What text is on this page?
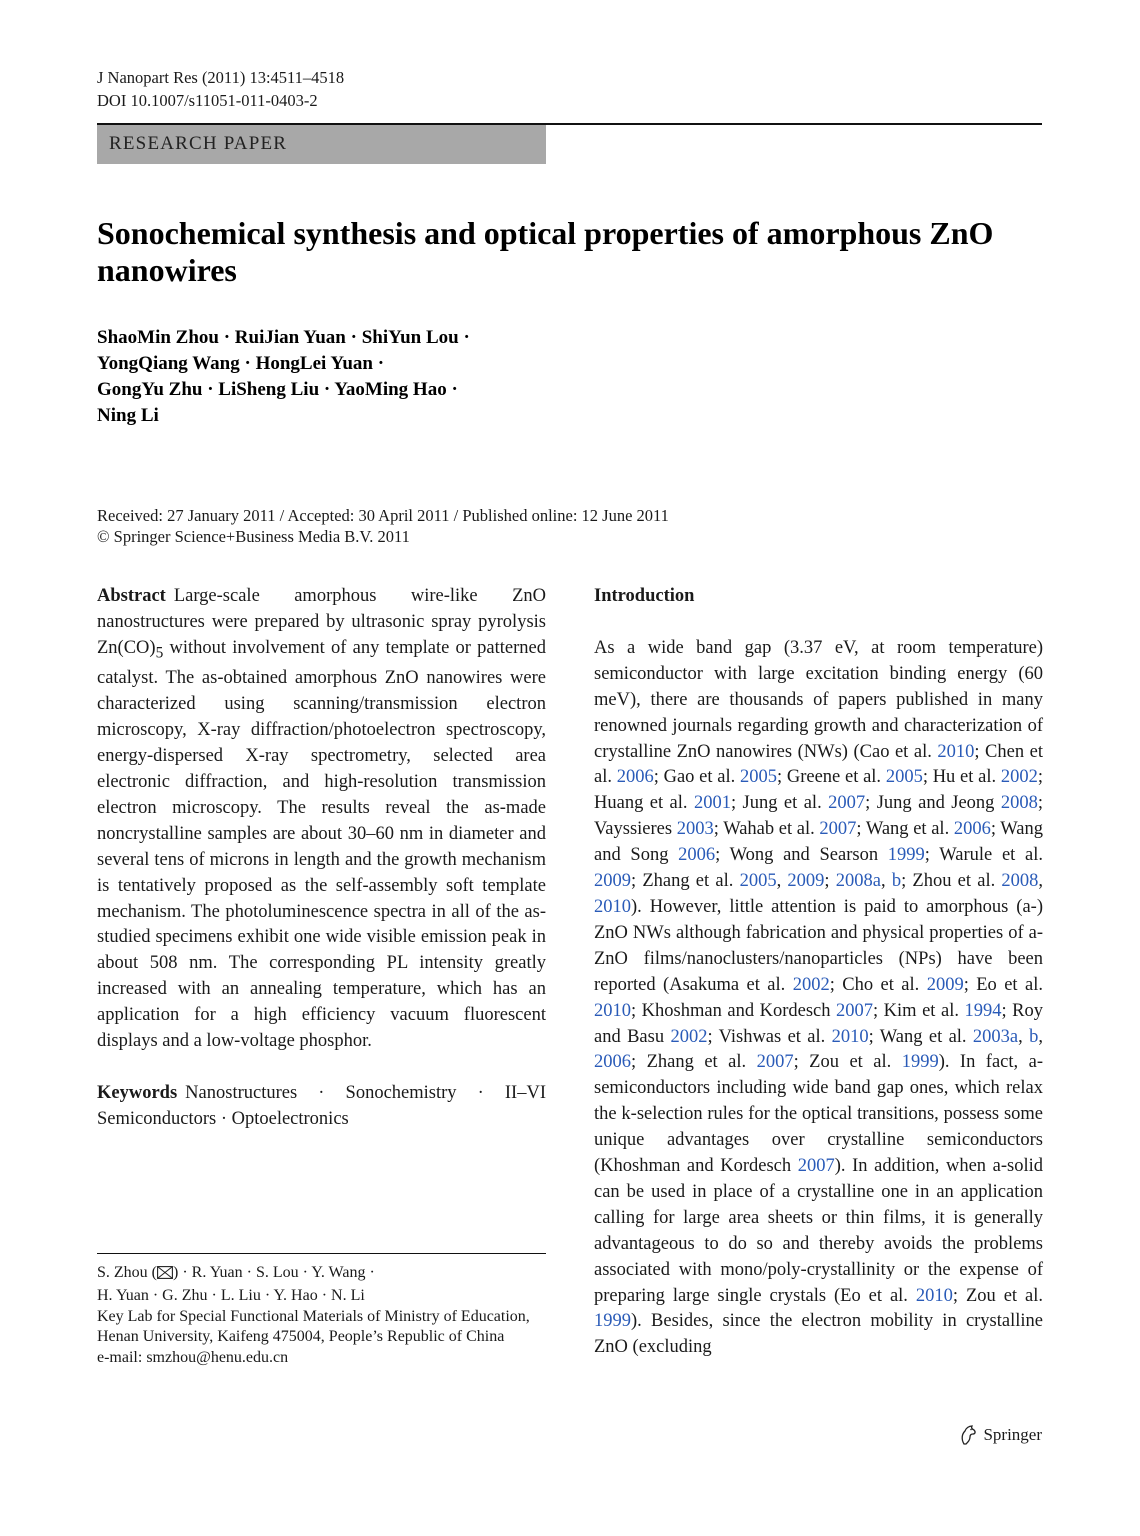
J Nanopart Res (2011) 13:4511–4518
DOI 10.1007/s11051-011-0403-2
RESEARCH PAPER
Sonochemical synthesis and optical properties of amorphous ZnO nanowires
ShaoMin Zhou · RuiJian Yuan · ShiYun Lou ·
YongQiang Wang · HongLei Yuan ·
GongYu Zhu · LiSheng Liu · YaoMing Hao ·
Ning Li
Received: 27 January 2011 / Accepted: 30 April 2011 / Published online: 12 June 2011
© Springer Science+Business Media B.V. 2011

Abstract Large-scale amorphous wire-like ZnO nanostructures were prepared by ultrasonic spray pyrolysis $Zn(CO)_5$ without involvement of any template or patterned catalyst. The as-obtained amorphous ZnO nanowires were characterized using scanning/transmission electron microscopy, X-ray diffraction/photoelectron spectroscopy, energy-dispersed X-ray spectrometry, selected area electronic diffraction, and high-resolution transmission electron microscopy. The results reveal the as-made noncrystalline samples are about 30–60 nm in diameter and several tens of microns in length and the growth mechanism is tentatively proposed as the self-assembly soft template mechanism. The photoluminescence spectra in all of the as-studied specimens exhibit one wide visible emission peak in about 508 nm. The corresponding PL intensity greatly increased with an annealing temperature, which has an application for a high efficiency vacuum fluorescent displays and a low-voltage phosphor.

Keywords Nanostructures · Sonochemistry · II–VI Semiconductors · Optoelectronics

S. Zhou ( ) · R. Yuan · S. Lou · Y. Wang ·

H. Yuan · G. Zhu · L. Liu · Y. Hao · N. Li

Key Lab for Special Functional Materials of Ministry of Education, Henan University, Kaifeng 475004, People’s Republic of China

e-mail: smzhou@henu.edu.cn

Introduction

As a wide band gap (3.37 eV, at room temperature) semiconductor with large excitation binding energy (60 meV), there are thousands of papers published in many renowned journals regarding growth and characterization of crystalline ZnO nanowires (NWs) (Cao et al. 2010; Chen et al. 2006; Gao et al. 2005; Greene et al. 2005; Hu et al. 2002; Huang et al. 2001; Jung et al. 2007; Jung and Jeong 2008; Vayssieres 2003; Wahab et al. 2007; Wang et al. 2006; Wang and Song 2006; Wong and Searson 1999; Warule et al. 2009; Zhang et al. 2005, 2009; 2008a, b; Zhou et al. 2008, 2010). However, little attention is paid to amorphous (a-) ZnO NWs although fabrication and physical properties of a-ZnO films/nanoclusters/nanoparticles (NPs) have been reported (Asakuma et al. 2002; Cho et al. 2009; Eo et al. 2010; Khoshman and Kordesch 2007; Kim et al. 1994; Roy and Basu 2002; Vishwas et al. 2010; Wang et al. 2003a, b, 2006; Zhang et al. 2007; Zou et al. 1999). In fact, a-semiconductors including wide band gap ones, which relax the k-selection rules for the optical transitions, possess some unique advantages over crystalline semiconductors (Khoshman and Kordesch 2007). In addition, when a-solid can be used in place of a crystalline one in an application calling for large area sheets or thin films, it is generally advantageous to do so and thereby avoids the problems associated with mono/poly-crystallinity or the expense of preparing large single crystals (Eo et al. 2010; Zou et al. 1999). Besides, since the electron mobility in crystalline ZnO (excluding

Springer
